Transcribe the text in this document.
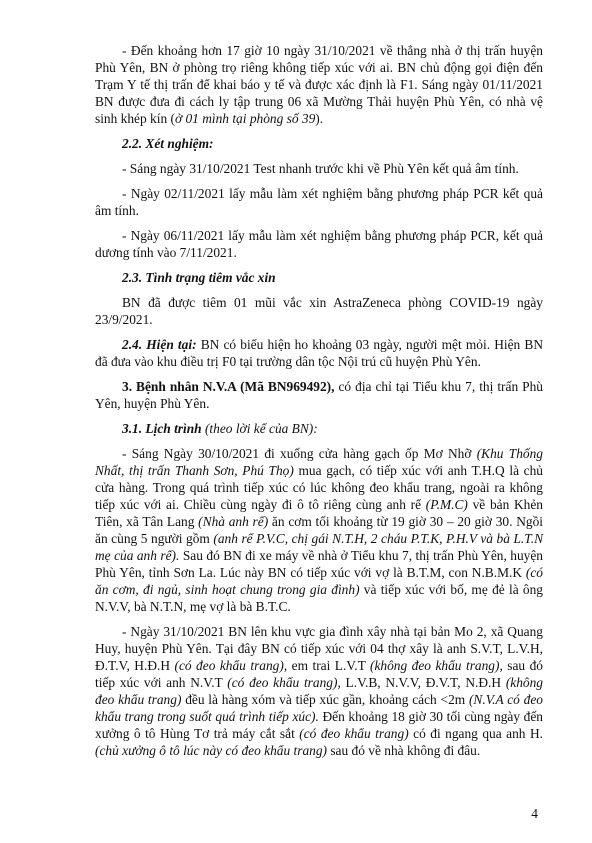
- Đến khoảng hơn 17 giờ 10 ngày 31/10/2021 về thẳng nhà ở thị trấn huyện Phù Yên, BN ở phòng trọ riêng không tiếp xúc với ai. BN chủ động gọi điện đến Trạm Y tế thị trấn để khai báo y tế và được xác định là F1. Sáng ngày 01/11/2021 BN được đưa đi cách ly tập trung 06 xã Mường Thải huyện Phù Yên, có nhà vệ sinh khép kín (ở 01 mình tại phòng số 39).

2.2. Xét nghiệm:

- Sáng ngày 31/10/2021 Test nhanh trước khi về Phù Yên kết quả âm tính.

- Ngày 02/11/2021 lấy mẫu làm xét nghiệm bằng phương pháp PCR kết quả âm tính.

- Ngày 06/11/2021 lấy mẫu làm xét nghiệm bằng phương pháp PCR, kết quả dương tính vào 7/11/2021.

2.3. Tình trạng tiêm vắc xin

BN đã được tiêm 01 mũi vắc xin AstraZeneca phòng COVID-19 ngày 23/9/2021.

2.4. Hiện tại: BN có biểu hiện ho khoảng 03 ngày, người mệt mỏi. Hiện BN đã đưa vào khu điều trị F0 tại trường dân tộc Nội trú cũ huyện Phù Yên.

3. Bệnh nhân N.V.A (Mã BN969492), có địa chỉ tại Tiểu khu 7, thị trấn Phù Yên, huyện Phù Yên.

3.1. Lịch trình (theo lời kể của BN):

- Sáng Ngày 30/10/2021 đi xuống cửa hàng gạch ốp Mơ Nhỡ (Khu Thống Nhất, thị trấn Thanh Sơn, Phú Thọ) mua gạch, có tiếp xúc với anh T.H.Q là chủ cửa hàng. Trong quá trình tiếp xúc có lúc không đeo khẩu trang, ngoài ra không tiếp xúc với ai. Chiều cùng ngày đi ô tô riêng cùng anh rể (P.M.C) về bản Khẻn Tiên, xã Tân Lang (Nhà anh rể) ăn cơm tối khoảng từ 19 giờ 30 – 20 giờ 30. Ngồi ăn cùng 5 người gồm (anh rể P.V.C, chị gái N.T.H, 2 cháu P.T.K, P.H.V và bà L.T.N mẹ của anh rể). Sau đó BN đi xe máy về nhà ở Tiểu khu 7, thị trấn Phù Yên, huyện Phù Yên, tỉnh Sơn La. Lúc này BN có tiếp xúc với vợ là B.T.M, con N.B.M.K (có ăn cơm, đi ngủ, sinh hoạt chung trong gia đình) và tiếp xúc với bố, mẹ đẻ là ông N.V.V, bà N.T.N, mẹ vợ là bà B.T.C.

- Ngày 31/10/2021 BN lên khu vực gia đình xây nhà tại bản Mo 2, xã Quang Huy, huyện Phù Yên. Tại đây BN có tiếp xúc với 04 thợ xây là anh S.V.T, L.V.H, Đ.T.V, H.Đ.H (có đeo khẩu trang), em trai L.V.T (không đeo khẩu trang), sau đó tiếp xúc với anh N.V.T (có đeo khẩu trang), L.V.B, N.V.V, Đ.V.T, N.Đ.H (không đeo khẩu trang) đều là hàng xóm và tiếp xúc gần, khoảng cách <2m (N.V.A có đeo khẩu trang trong suốt quá trình tiếp xúc). Đến khoảng 18 giờ 30 tối cùng ngày đến xưởng ô tô Hùng Tơ trả máy cắt sắt (có đeo khẩu trang) có đi ngang qua anh H. (chủ xưởng ô tô lúc này có đeo khẩu trang) sau đó về nhà không đi đâu.

4
